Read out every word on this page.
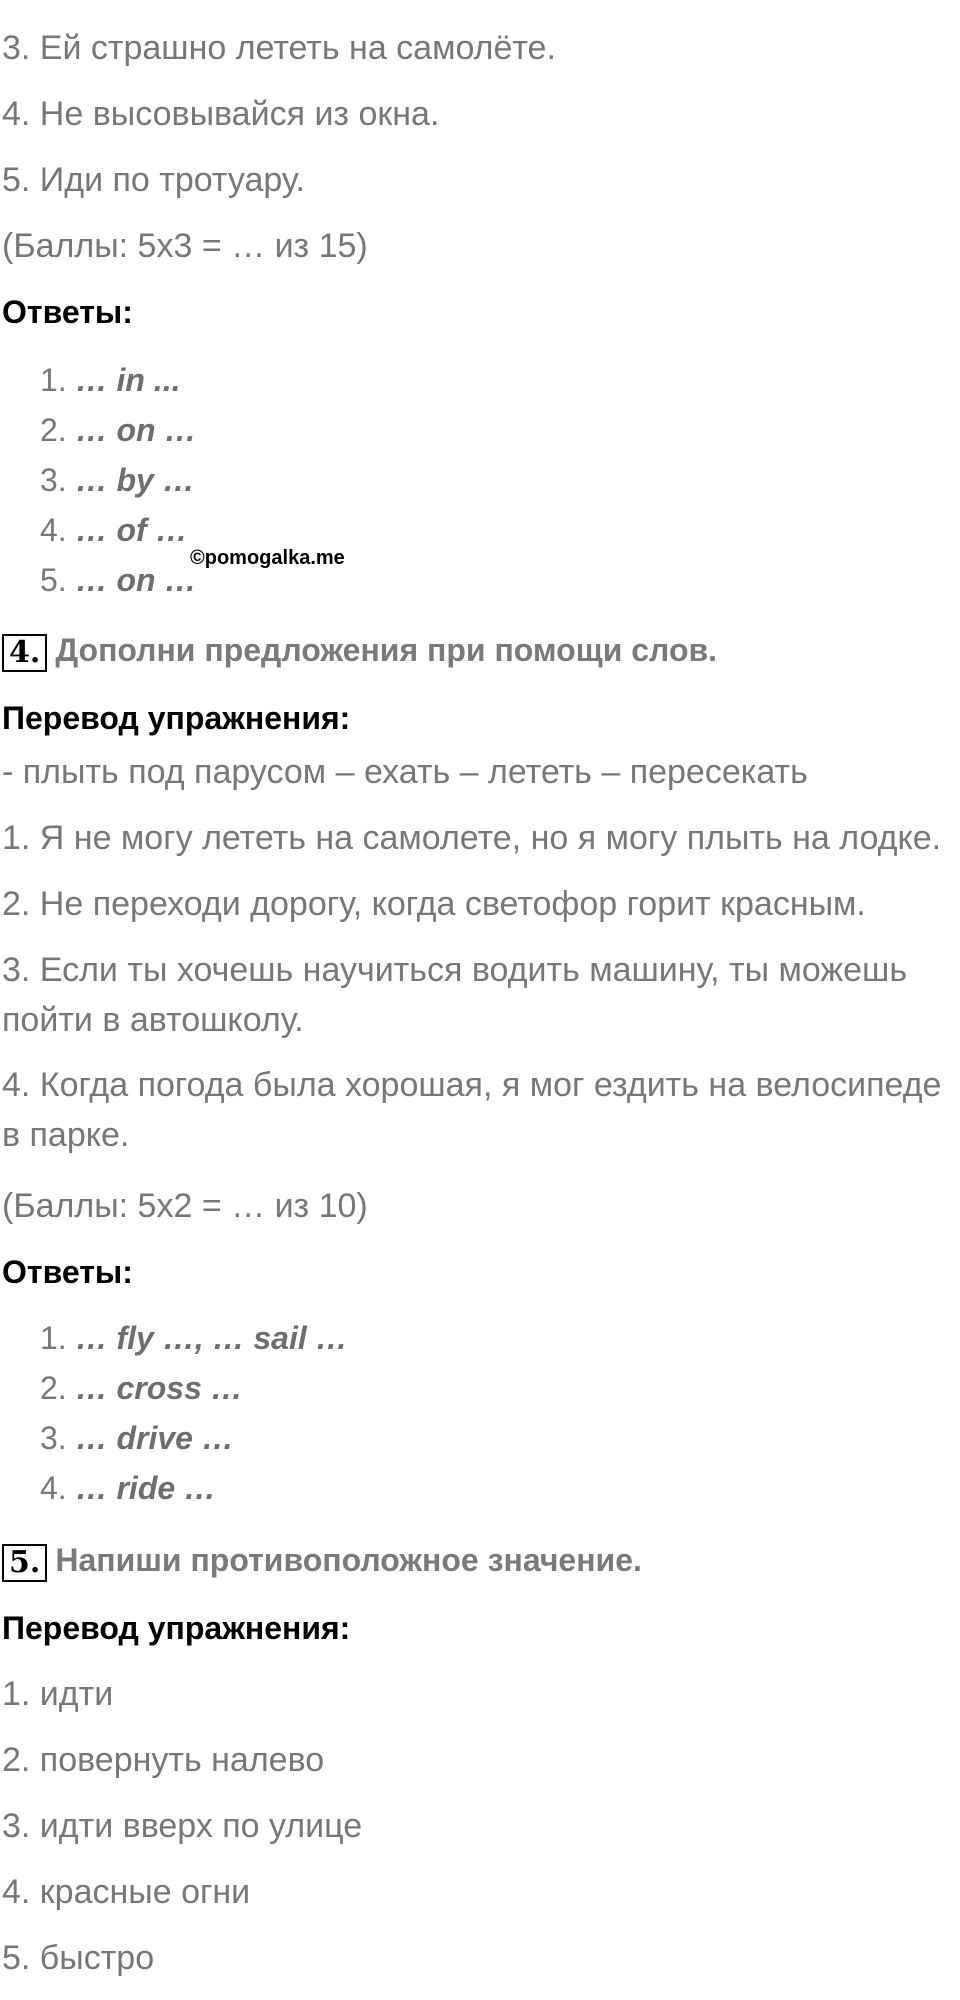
3. Ей страшно лететь на самолёте.
4. Не высовывайся из окна.
5. Иди по тротуару.
(Баллы: 5х3 = … из 15)
Ответы:
1. … in ...
2. … on …
3. … by …
4. … of …
5. … on …
©pomogalka.me
4. Дополни предложения при помощи слов.
Перевод упражнения:
- плыть под парусом – ехать – лететь – пересекать
1. Я не могу лететь на самолете, но я могу плыть на лодке.
2. Не переходи дорогу, когда светофор горит красным.
3. Если ты хочешь научиться водить машину, ты можешь пойти в автошколу.
4. Когда погода была хорошая, я мог ездить на велосипеде в парке.
(Баллы: 5х2 = … из 10)
Ответы:
1. … fly …, … sail …
2. … cross …
3. … drive …
4. … ride …
5. Напиши противоположное значение.
Перевод упражнения:
1. идти
2. повернуть налево
3. идти вверх по улице
4. красные огни
5. быстро
